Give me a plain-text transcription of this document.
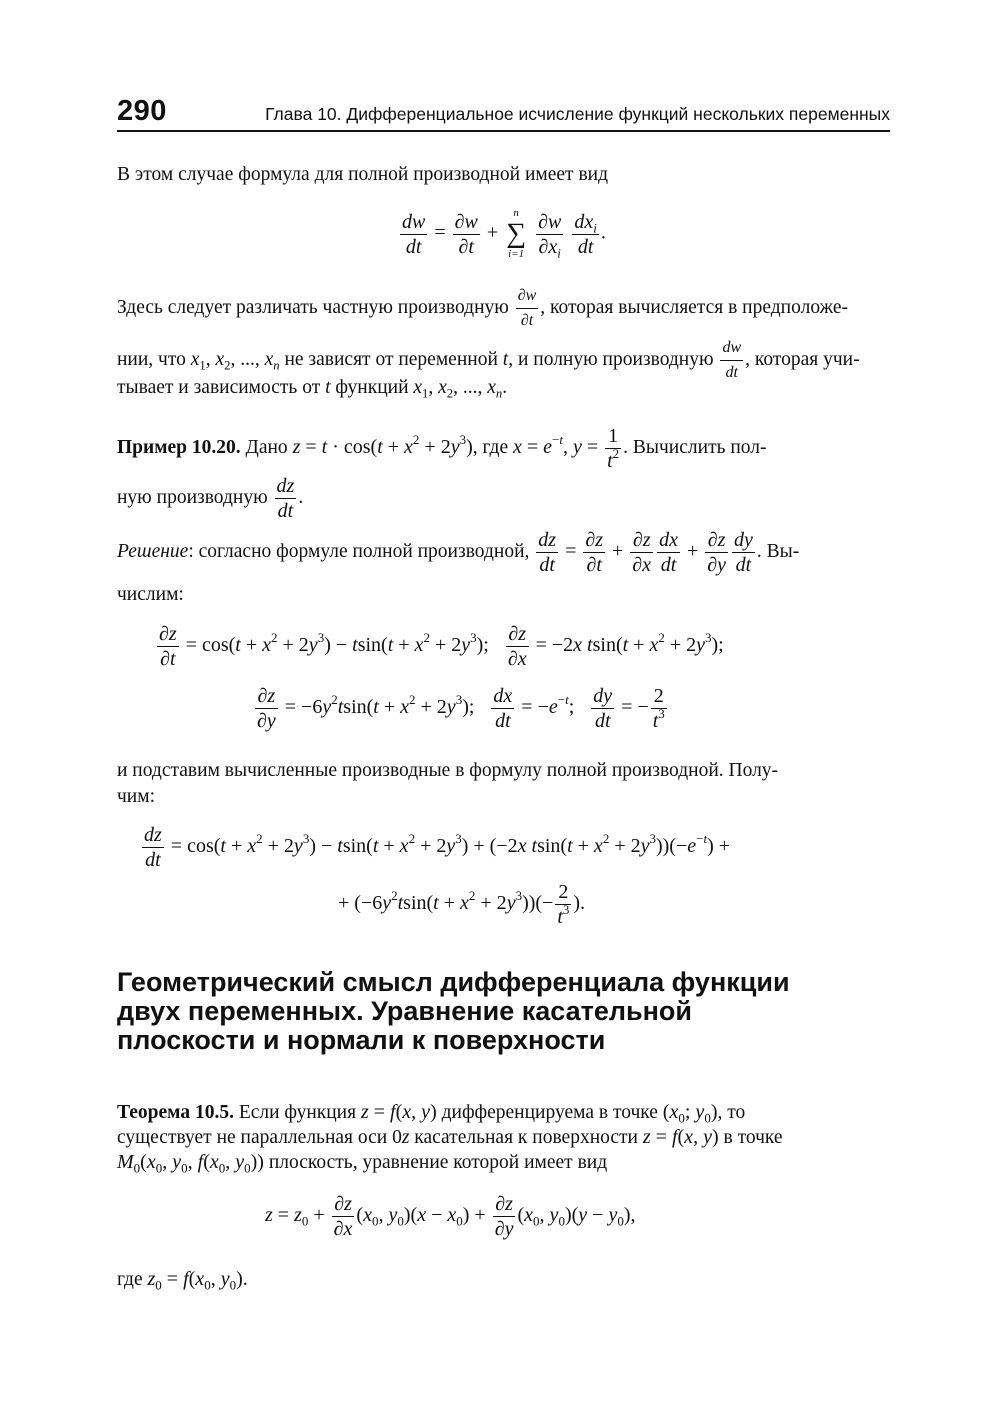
290	Глава 10. Дифференциальное исчисление функций нескольких переменных
В этом случае формула для полной производной имеет вид
$\frac{dw}{dt} = \frac{\partial w}{\partial t}$ +
n
∑
i=1
$\frac{\partial w}{\partial x_i}$
$\frac{dx_i}{dt}$ .
Здесь следует различать частную производную $\frac{\partial w}{\partial t}$ , которая вычисляется в предположе-
нии, что $x_1$, $x_2$, ..., $x_n$ не зависят от переменной t, и полную производную $\frac{dw}{dt}$ , которая учи-
тывает и зависимость от t функций $x_1$, $x_2$, ..., $x_n$.
Пример 10.20. Дано $z = t \cdot \cos(t + x^2 + 2y^3)$, где $x = e^{-t}$, $y = \frac{1}{t^2}$ . Вычислить пол-
ную производную $\frac{dz}{dt}$ .
Решение: согласно формуле полной производной, $\frac{dz}{dt} = \frac{\partial z}{\partial t} + \frac{\partial z}{\partial x} \frac{dx}{dt} + \frac{\partial z}{\partial y} \frac{dy}{dt}$ . Вы-
числим:
$\frac{\partial z}{\partial t} = \cos(t + x^2 + 2y^3) - tsin(t + x^2 + 2y^3)$; $\frac{\partial z}{\partial x} = -2x$ $tsin(t + x^2 + 2y^3)$;
$\frac{\partial z}{\partial y} = -6y^2tsin(t + x^2 + 2y^3)$; $\frac{dx}{dt} = -e^{-t}$; $\frac{dy}{dt}$ = − $\frac{2}{t^3}$
и подставим вычисленные производные в формулу полной производной. Полу-
чим:
$\frac{dz}{dt} = \cos(t + x^2 + 2y^3) - tsin(t + x^2 + 2y^3) + (-2x$ $tsin(t + x^2 + 2y^3))(-e^{-t})$ +
+ $(-6y^2tsin(t + x^2 + 2y^3))(- \frac{2}{t^3}$ ).
Геометрический смысл дифференциала функции двух переменных. Уравнение касательной плоскости и нормали к поверхности
Теорема 10.5. Если функция z = f(x, y) дифференцируема в точке ($x_0$; $y_0$), то
существует не параллельная оси 0z касательная к поверхности z = f(x, y) в точке
$M_0(x_0$, $y_0$, $f(x_0$, $y_0$)) плоскость, уравнение которой имеет вид
$z = z_0 + \frac{\partial z}{\partial x} (x_0$, $y_0)(x - x_0) + \frac{\partial z}{\partial y} (x_0$, $y_0)(y - y_0)$,
где $z_0 = f(x_0$, $y_0$).
